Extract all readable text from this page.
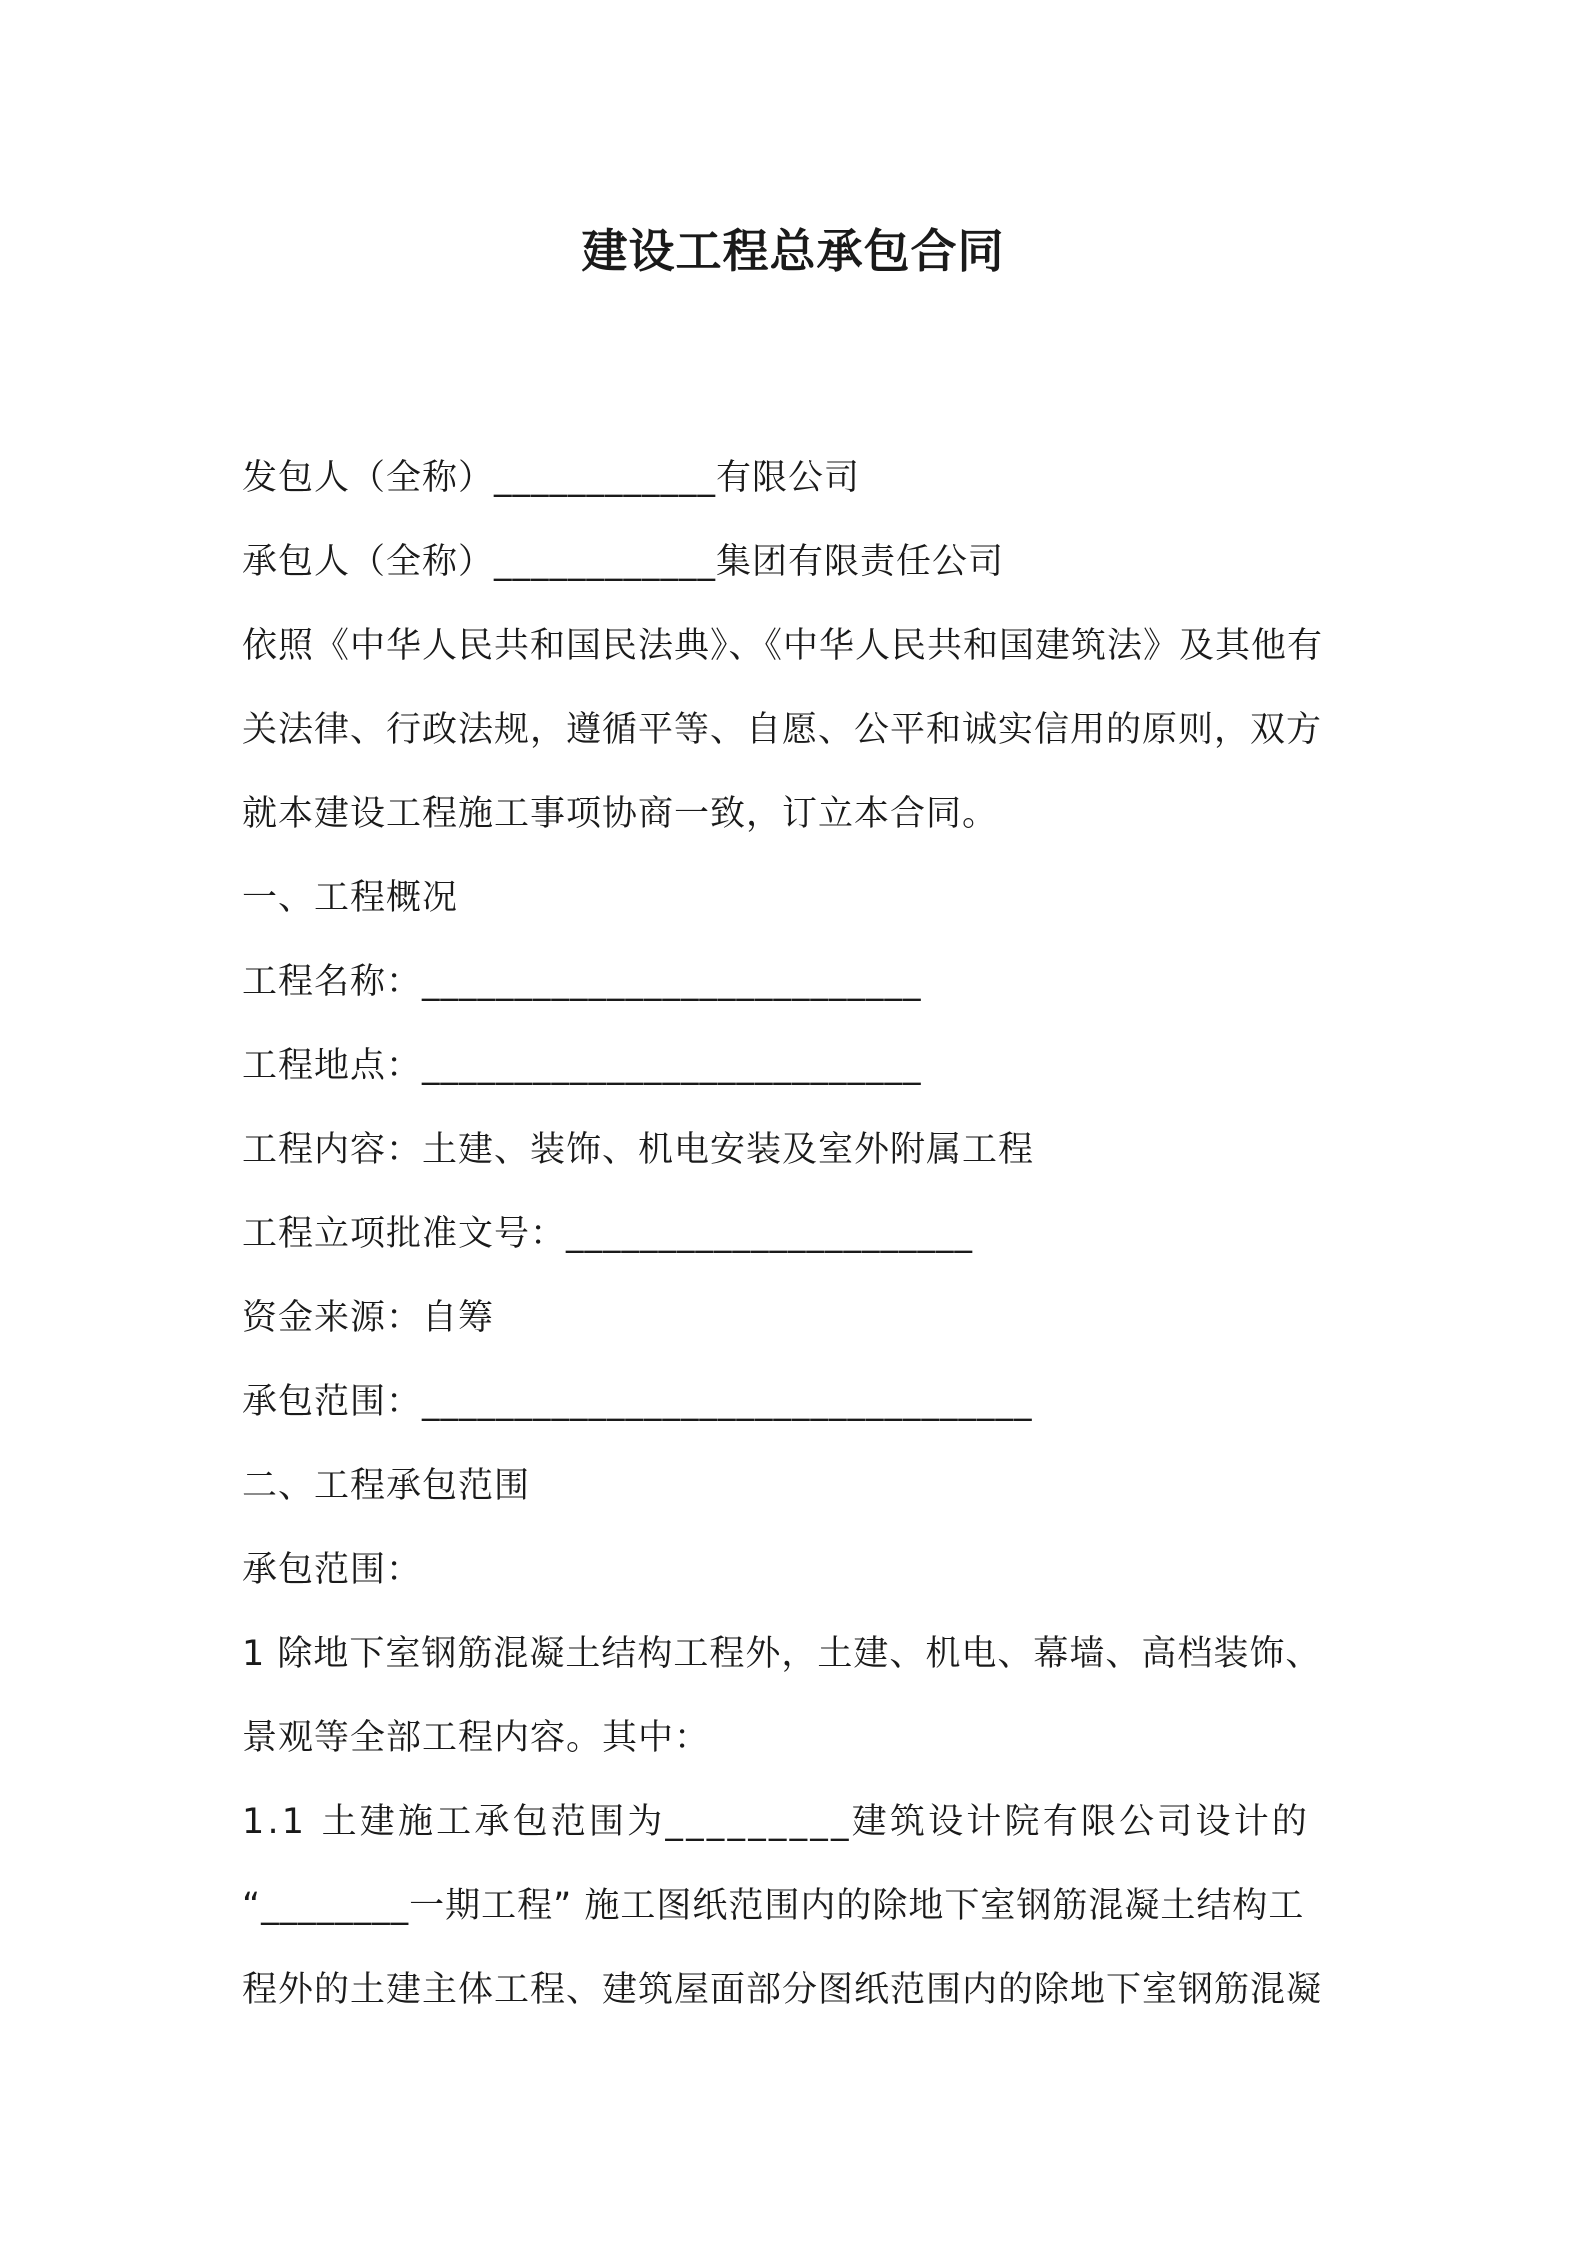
建设工程总承包合同
发包人（全称）____________有限公司
承包人（全称）____________集团有限责任公司
依照《中华人民共和国民法典》、《中华人民共和国建筑法》及其他有
关法律、行政法规，遵循平等、自愿、公平和诚实信用的原则，双方
就本建设工程施工事项协商一致，订立本合同。
一、工程概况
工程名称：___________________________
工程地点：___________________________
工程内容：土建、装饰、机电安装及室外附属工程
工程立项批准文号：______________________
资金来源：自筹
承包范围：_________________________________
二、工程承包范围
承包范围：
1 除地下室钢筋混凝土结构工程外，土建、机电、幕墙、高档装饰、
景观等全部工程内容。其中：
1.1 土建施工承包范围为_________建筑设计院有限公司设计的
“________一期工程” 施工图纸范围内的除地下室钢筋混凝土结构工
程外的土建主体工程、建筑屋面部分图纸范围内的除地下室钢筋混凝
